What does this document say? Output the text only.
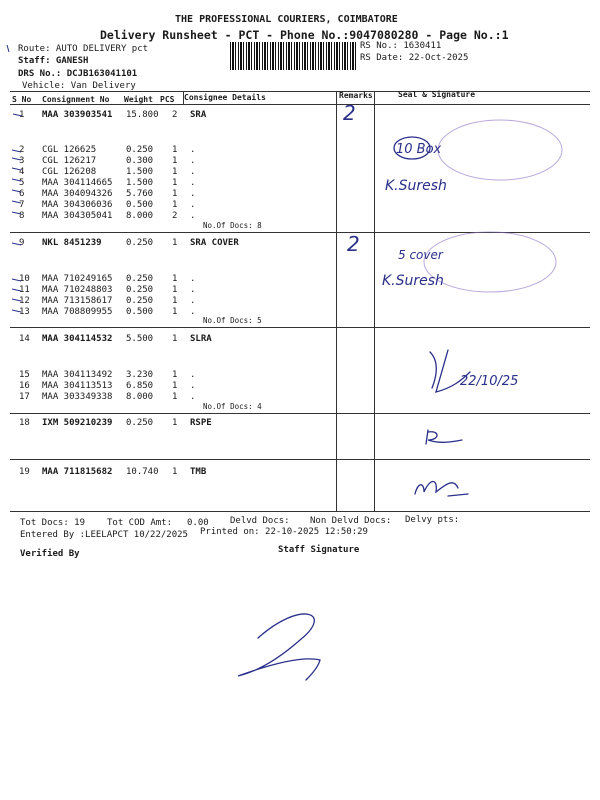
THE PROFESSIONAL COURIERS, COIMBATORE
Delivery Runsheet - PCT - Phone No.:9047080280 - Page No.:1
Route: AUTO DELIVERY pct
Staff: GANESH
DRS No.: DCJB163041101
Vehicle: Van Delivery
RS No.: 1630411
RS Date: 22-Oct-2025
S No Consignment No Weight PCS Consignee Details	Remarks	Seal & Signature
1 MAA 303903541 15.800 2 SRA
2 CGL 126625	0.250 1 .
3 CGL 126217	0.300 1 .
4 CGL 126208	1.500 1 .
5 MAA 304114665 1.500 1 .
6 MAA 304094326 5.760 1 .
7 MAA 304306036 0.500 1 .
8 MAA 304305041 8.000 2 .
9 NKL 8451239	0.250 1 SRA COVER
10 MAA 710249165 0.250 1 .
11 MAA 710248803 0.250 1 .
12 MAA 713158617 0.250 1 .
13 MAA 708809955 0.500 1 .
14 MAA 304114532 5.500 1 SLRA
15 MAA 304113492 3.230 1 .
16 MAA 304113513 6.850 1 .
17 MAA 303349338 8.000 1 .
18 IXM 509210239 0.250 1 RSPE
19 MAA 711815682 10.740 1 TMB
No.Of Docs: 8
No.Of Docs: 5
No.Of Docs: 4
Tot Docs: 19 Tot COD Amt: 0.00 Delvd Docs: Non Delvd Docs: Delvy pts:
Entered By :LEELAPCT 10/22/2025 Printed on: 22-10-2025 12:50:29
Verified By	Staff Signature
2
2
10 Box
K.Suresh
5 cover
K.Suresh
22/10/25
